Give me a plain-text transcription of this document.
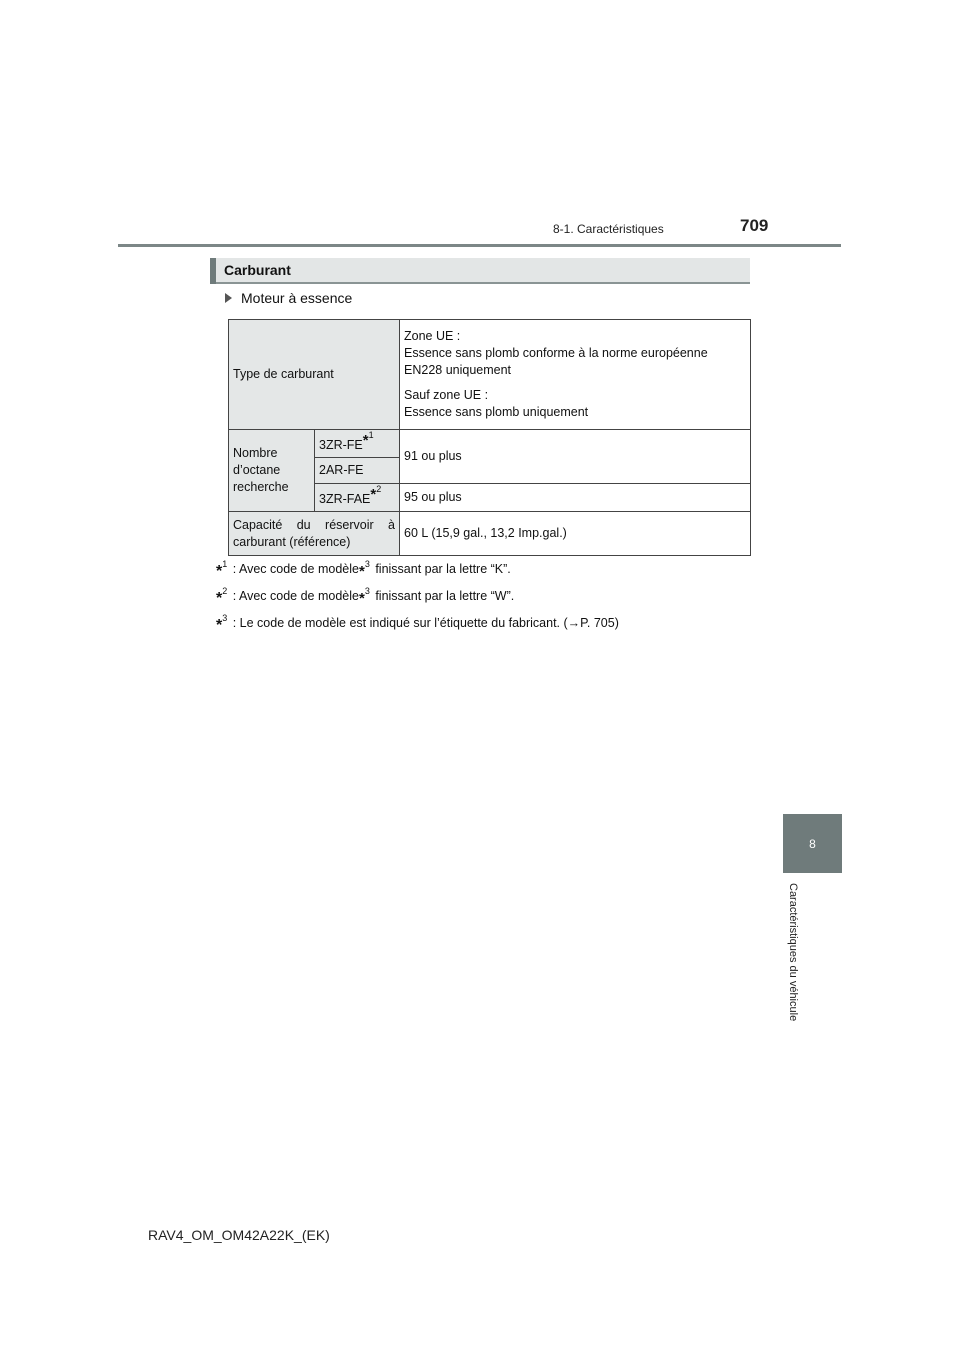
8-1. Caractéristiques	709
8
Caractéristiques du véhicule
Carburant
Moteur à essence
Type de carburant		Zone UE :
Essence sans plomb conforme à la norme européenne EN228 uniquement
Sauf zone UE :
Essence sans plomb uniquement

Nombre
d’octane
recherche	3ZR-FE$^{*1}$	91 ou plus
	2AR-FE	
	3ZR-FAE$^{*2}$	95 ou plus

Capacité du réservoir à
carburant (référence)		60 L (15,9 gal., 13,2 Imp.gal.)
*$^1$ : Avec code de modèle*$^3$ finissant par la lettre “K”.
*$^2$ : Avec code de modèle*$^3$ finissant par la lettre “W”.
*$^3$ : Le code de modèle est indiqué sur l’étiquette du fabricant. (→P. 705)
RAV4_OM_OM42A22K_(EK)
